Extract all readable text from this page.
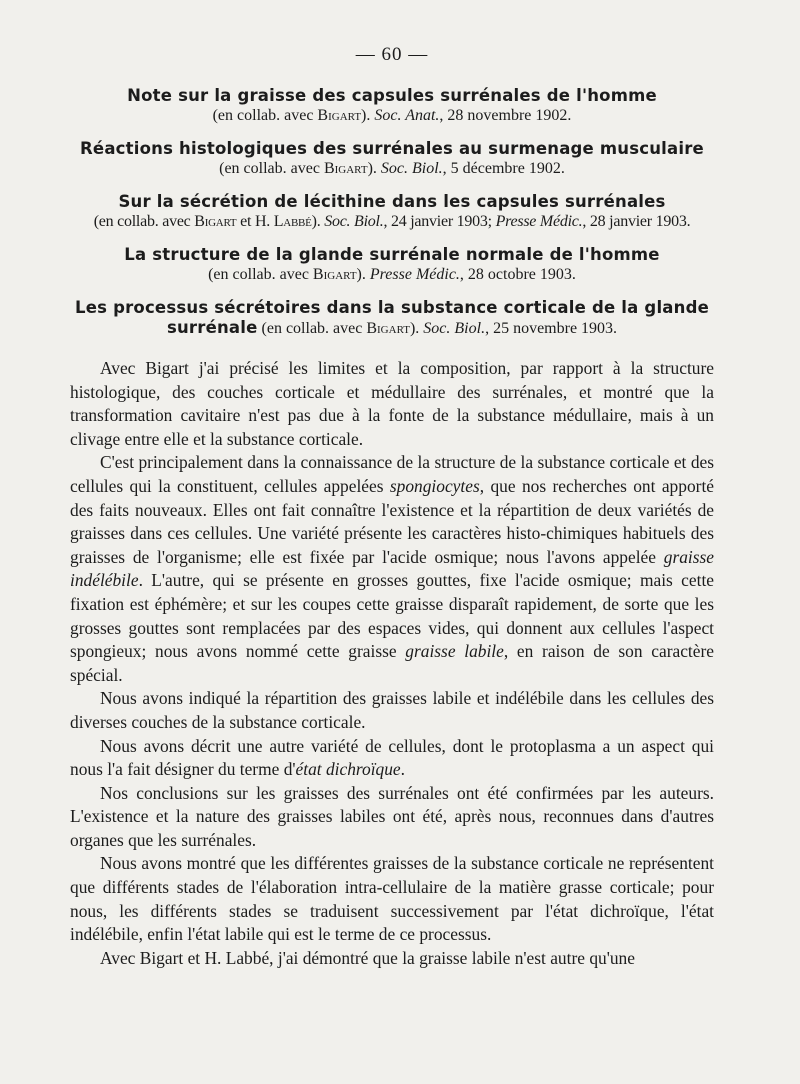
— 60 —
Note sur la graisse des capsules surrénales de l'homme
(en collab. avec Bigart). Soc. Anat., 28 novembre 1902.
Réactions histologiques des surrénales au surmenage musculaire
(en collab. avec Bigart). Soc. Biol., 5 décembre 1902.
Sur la sécrétion de lécithine dans les capsules surrénales
(en collab. avec Bigart et H. Labbé). Soc. Biol., 24 janvier 1903; Presse Médic., 28 janvier 1903.
La structure de la glande surrénale normale de l'homme
(en collab. avec Bigart). Presse Médic., 28 octobre 1903.
Les processus sécrétoires dans la substance corticale de la glande
surrénale (en collab. avec Bigart). Soc. Biol., 25 novembre 1903.

Avec Bigart j'ai précisé les limites et la composition, par rapport à la structure histologique, des couches corticale et médullaire des surrénales, et montré que la transformation cavitaire n'est pas due à la fonte de la substance médullaire, mais à un clivage entre elle et la substance corticale.

C'est principalement dans la connaissance de la structure de la substance corticale et des cellules qui la constituent, cellules appelées spongiocytes, que nos recherches ont apporté des faits nouveaux. Elles ont fait connaître l'existence et la répartition de deux variétés de graisses dans ces cellules. Une variété présente les caractères histo-chimiques habituels des graisses de l'organisme; elle est fixée par l'acide osmique; nous l'avons appelée graisse indélébile. L'autre, qui se présente en grosses gouttes, fixe l'acide osmique; mais cette fixation est éphémère; et sur les coupes cette graisse disparaît rapidement, de sorte que les grosses gouttes sont remplacées par des espaces vides, qui donnent aux cellules l'aspect spongieux; nous avons nommé cette graisse graisse labile, en raison de son caractère spécial.

Nous avons indiqué la répartition des graisses labile et indélébile dans les cellules des diverses couches de la substance corticale.

Nous avons décrit une autre variété de cellules, dont le protoplasma a un aspect qui nous l'a fait désigner du terme d'état dichroïque.

Nos conclusions sur les graisses des surrénales ont été confirmées par les auteurs. L'existence et la nature des graisses labiles ont été, après nous, reconnues dans d'autres organes que les surrénales.

Nous avons montré que les différentes graisses de la substance corticale ne représentent que différents stades de l'élaboration intra-cellulaire de la matière grasse corticale; pour nous, les différents stades se traduisent successivement par l'état dichroïque, l'état indélébile, enfin l'état labile qui est le terme de ce processus.

Avec Bigart et H. Labbé, j'ai démontré que la graisse labile n'est autre qu'une
